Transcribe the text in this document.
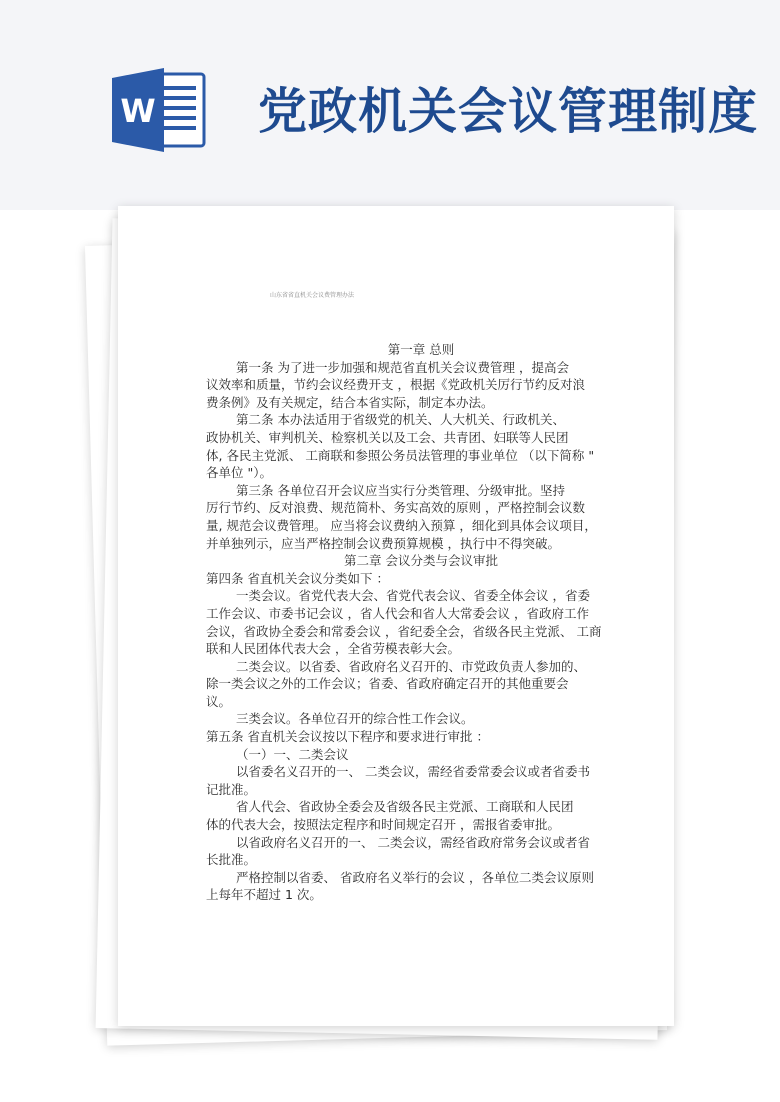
W 党政机关会议管理制度
山东省省直机关会议费管理办法

第一章 总则

第一条 为了进一步加强和规范省直机关会议费管理 ，提高会

议效率和质量，节约会议经费开支 ，根据《党政机关厉行节约反对浪

费条例》及有关规定，结合本省实际，制定本办法。

第二条 本办法适用于省级党的机关、人大机关、行政机关、

政协机关、审判机关、检察机关以及工会、共青团、妇联等人民团

体, 各民主党派、 工商联和参照公务员法管理的事业单位 （以下简称 "

各单位 "）。

第三条 各单位召开会议应当实行分类管理、分级审批。坚持

厉行节约、反对浪费、规范简朴、务实高效的原则 ，严格控制会议数

量, 规范会议费管理。 应当将会议费纳入预算 ，细化到具体会议项目，

并单独列示，应当严格控制会议费预算规模 ，执行中不得突破。

第二章 会议分类与会议审批

第四条 省直机关会议分类如下 ：

一类会议。省党代表大会、省党代表会议、省委全体会议 ，省委

工作会议、市委书记会议 ，省人代会和省人大常委会议 ，省政府工作

会议，省政协全委会和常委会议 ，省纪委全会，省级各民主党派、 工商

联和人民团体代表大会 ，全省劳模表彰大会。

二类会议。以省委、省政府名义召开的、市党政负责人参加的、

除一类会议之外的工作会议；省委、省政府确定召开的其他重要会

议。

三类会议。各单位召开的综合性工作会议。

第五条 省直机关会议按以下程序和要求进行审批 ：

（一）一、二类会议

以省委名义召开的一、 二类会议，需经省委常委会议或者省委书

记批准。

省人代会、省政协全委会及省级各民主党派、工商联和人民团

体的代表大会，按照法定程序和时间规定召开 ，需报省委审批。

以省政府名义召开的一、 二类会议，需经省政府常务会议或者省

长批准。

严格控制以省委、 省政府名义举行的会议 ，各单位二类会议原则

上每年不超过 1 次。
